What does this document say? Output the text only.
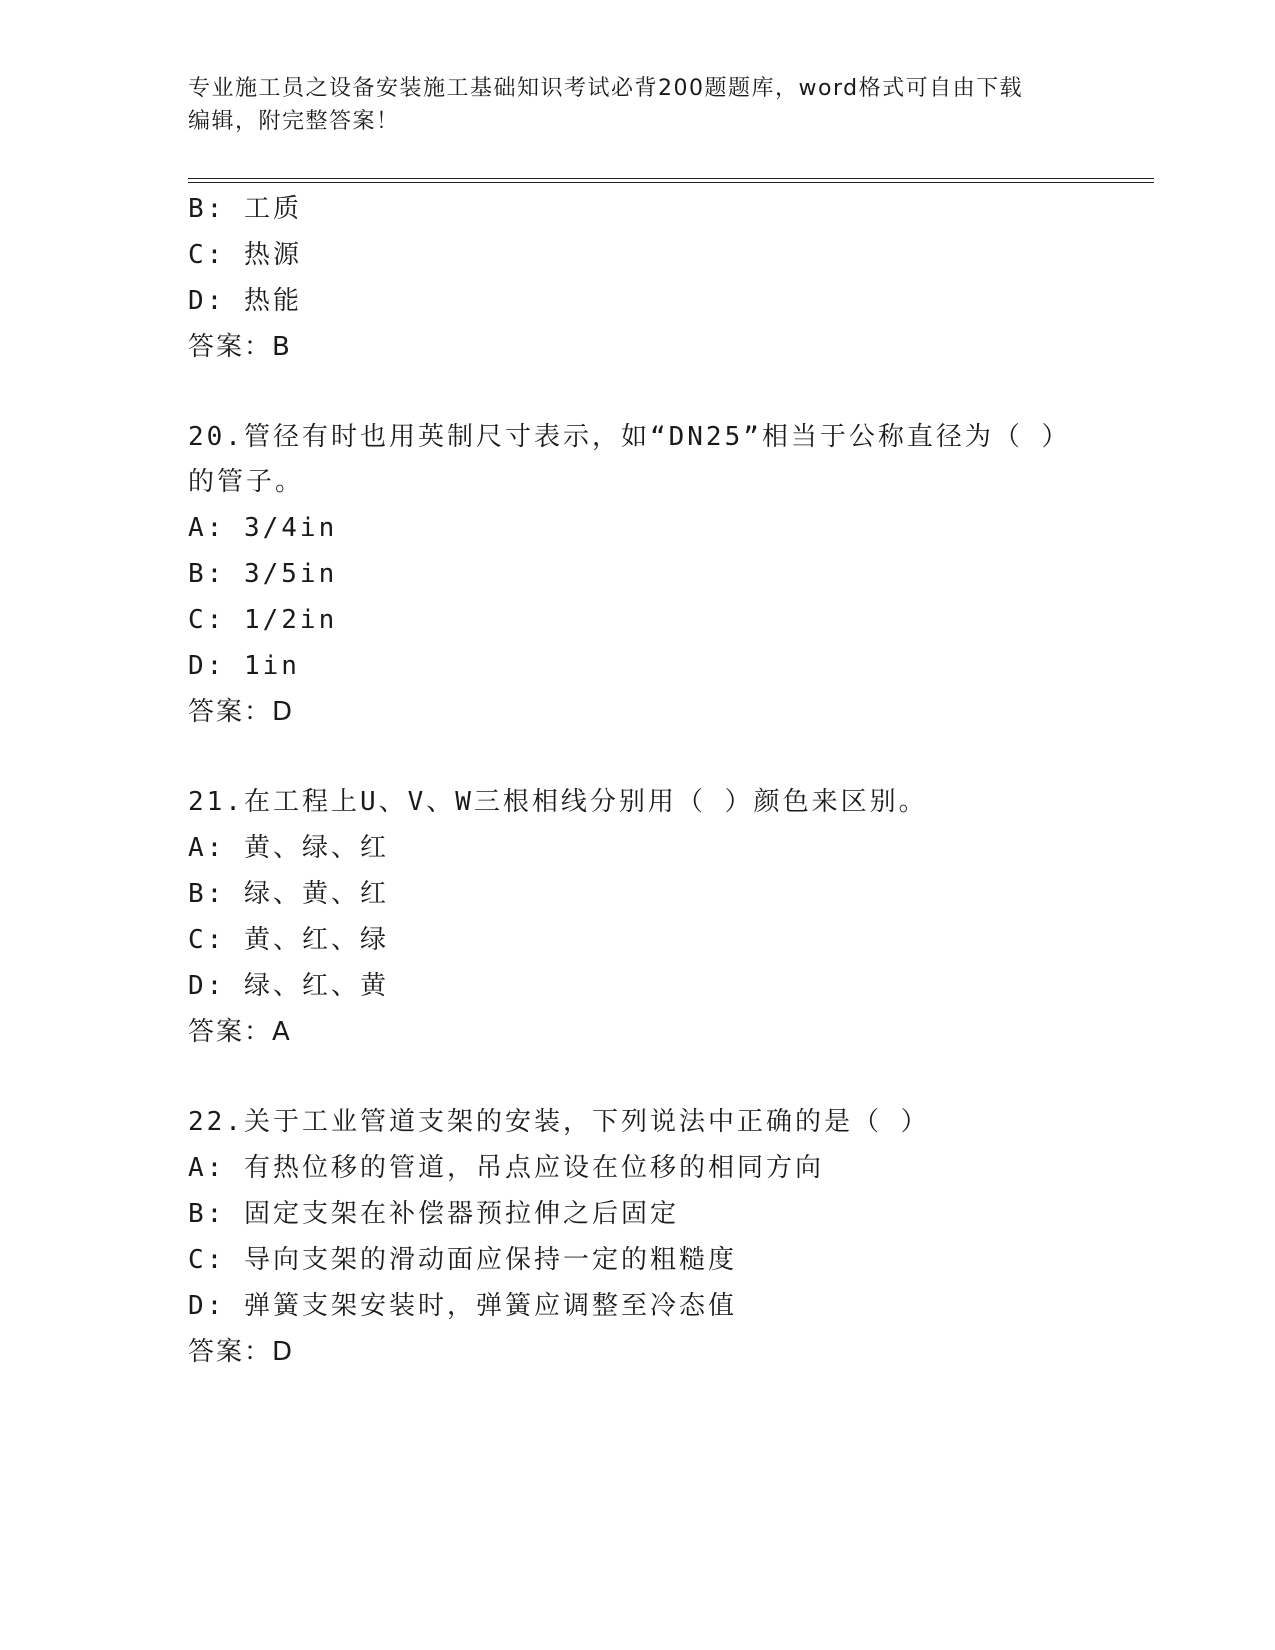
专业施工员之设备安装施工基础知识考试必背200题题库，word格式可自由下载
编辑，附完整答案！
B: 工质
C: 热源
D: 热能
答案：B
20.管径有时也用英制尺寸表示，如“DN25”相当于公称直径为（ ）
的管子。
A: 3/4in
B: 3/5in
C: 1/2in
D: 1in
答案：D
21.在工程上U、V、W三根相线分别用（ ）颜色来区别。
A: 黄、绿、红
B: 绿、黄、红
C: 黄、红、绿
D: 绿、红、黄
答案：A
22.关于工业管道支架的安装，下列说法中正确的是（ ）
A: 有热位移的管道，吊点应设在位移的相同方向
B: 固定支架在补偿器预拉伸之后固定
C: 导向支架的滑动面应保持一定的粗糙度
D: 弹簧支架安装时，弹簧应调整至冷态值
答案：D
